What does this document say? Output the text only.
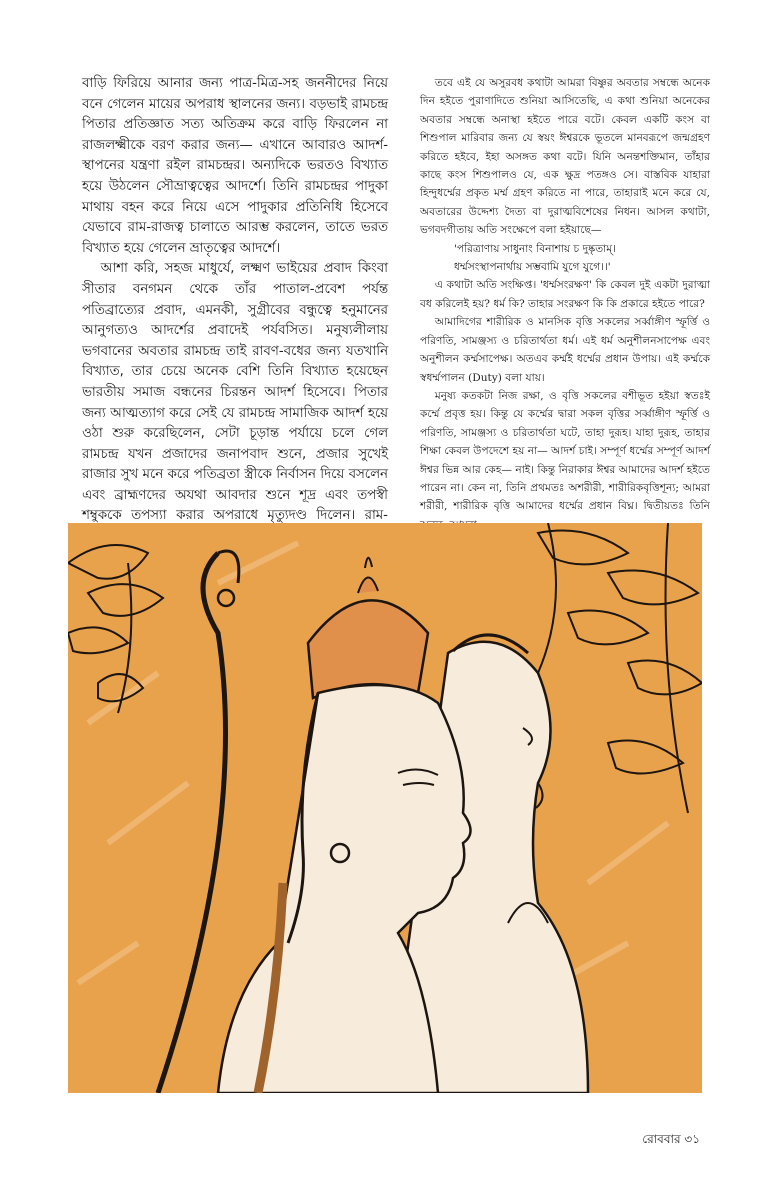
বাড়ি ফিরিয়ে আনার জন্য পাত্র-মিত্র-সহ জননীদের নিয়ে বনে গেলেন মায়ের অপরাধ স্থালনের জন্য। বড়ভাই রামচন্দ্র পিতার প্রতিজ্ঞাত সত্য অতিক্রম করে বাড়ি ফিরলেন না রাজলক্ষ্মীকে বরণ করার জন্য— এখানে আবারও আদর্শ-স্থাপনের যন্ত্রণা রইল রামচন্দ্রর। অন্যদিকে ভরতও বিখ্যাত হয়ে উঠলেন সৌভ্রাত্বত্বের আদর্শে। তিনি রামচন্দ্রর পাদুকা মাথায় বহন করে নিয়ে এসে পাদুকার প্রতিনিধি হিসেবে যেভাবে রাম-রাজত্ব চালাতে আরম্ভ করলেন, তাতে ভরত বিখ্যাত হয়ে গেলেন ভ্রাতৃত্বের আদর্শে।

আশা করি, সহজ মাধুর্যে, লক্ষ্মণ ভাইয়ের প্রবাদ কিংবা সীতার বনগমন থেকে তাঁর পাতাল-প্রবেশ পর্যন্ত পতিব্রাত্যের প্রবাদ, এমনকী, সুগ্রীবের বন্ধুত্বে হনুমানের আনুগত্যও আদর্শের প্রবাদেই পর্যবসিত। মনুষ্যলীলায় ভগবানের অবতার রামচন্দ্র তাই রাবণ-বধের জন্য যতখানি বিখ্যাত, তার চেয়ে অনেক বেশি তিনি বিখ্যাত হয়েছেন ভারতীয় সমাজ বন্ধনের চিরন্তন আদর্শ হিসেবে। পিতার জন্য আত্মত্যাগ করে সেই যে রামচন্দ্র সামাজিক আদর্শ হয়ে ওঠা শুরু করেছিলেন, সেটা চূড়ান্ত পর্যায়ে চলে গেল রামচন্দ্র যখন প্রজাদের জনাপবাদ শুনে, প্রজার সুখেই রাজার সুখ মনে করে পতিব্রতা স্ত্রীকে নির্বাসন দিয়ে বসলেন এবং ব্রাহ্মণদের অযথা আবদার শুনে শূদ্র এবং তপস্বী শম্বুককে তপস্যা করার অপরাধে মৃত্যুদণ্ড দিলেন। রাম-

তবে এই যে অসুরবধ কথাটা আমরা বিষ্ণুর অবতার সম্বন্ধে অনেক দিন হইতে পুরাণাদিতে শুনিয়া আসিতেছি, এ কথা শুনিয়া অনেকের অবতার সম্বন্ধে অনাস্থা হইতে পারে বটে। কেবল একটি কংস বা শিশুপাল মারিবার জন্য যে স্বয়ং ঈশ্বরকে ভূতলে মানবরূপে জন্মগ্রহণ করিতে হইবে, ইহা অসঙ্গত কথা বটে। যিনি অনন্তশক্তিমান, তাঁহার কাছে কংস শিশুপালও যে, এক ক্ষুদ্র পতঙ্গও সে। বাস্তবিক যাহারা হিন্দুধর্ম্মের প্রকৃত মর্ম্ম গ্রহণ করিতে না পারে, তাহারাই মনে করে যে, অবতারের উদ্দেশ্য দৈত্য বা দুরাত্মবিশেষের নিধন। আসল কথাটা, ভগবদগীতায় অতি সংক্ষেপে বলা হইয়াছে—

'পরিত্রাণায় সাধুনাং বিনাশায় চ দুষ্কৃতাম্।

ধর্ম্মসংস্থাপনার্থায় সম্ভবামি যুগে যুগে।।'

এ কথাটা অতি সংক্ষিপ্ত। 'ধর্ম্মসংরক্ষণ' কি কেবল দুই একটা দুরাত্মা বধ করিলেই হয়? ধর্ম কি? তাহার সংরক্ষণ কি কি প্রকারে হইতে পারে?

আমাদিগের শারীরিক ও মানসিক বৃত্তি সকলের সর্ব্বাঙ্গীণ স্ফূর্ত্তি ও পরিণতি, সামঞ্জস্য ও চরিতার্থতা ধর্ম। এই ধর্ম অনুশীলনসাপেক্ষ এবং অনুশীলন কর্ম্মসাপেক্ষ। অতএব কর্ম্মই ধর্ম্মের প্রধান উপায়। এই কর্ম্মকে স্বধর্ম্মপালন (Duty) বলা যায়।

মনুষ্য কতকটা নিজ রক্ষা, ও বৃত্তি সকলের বশীভূত হইয়া স্বতঃই কর্ম্মে প্রবৃত্ত হয়। কিন্তু যে কর্ম্মের দ্বারা সকল বৃত্তির সর্ব্বাঙ্গীণ স্ফূর্ত্তি ও পরিণতি, সামঞ্জস্য ও চরিতার্থতা ঘটে, তাহা দুরূহ। যাহা দুরূহ, তাহার শিক্ষা কেবল উপদেশে হয় না— আদর্শ চাই। সম্পূর্ণ ধর্ম্মের সম্পূর্ণ আদর্শ ঈশ্বর ভিন্ন আর কেহ— নাই। কিন্তু নিরাকার ঈশ্বর আমাদের আদর্শ হইতে পারেন না। কেন না, তিনি প্রথমতঃ অশরীরী, শারীরিকবৃত্তিশূন্য; আমরা শরীরী, শারীরিক বৃত্তি আমাদের ধর্ম্মের প্রধান বিঘ্ন। দ্বিতীয়তঃ তিনি

রোববার ৩১
